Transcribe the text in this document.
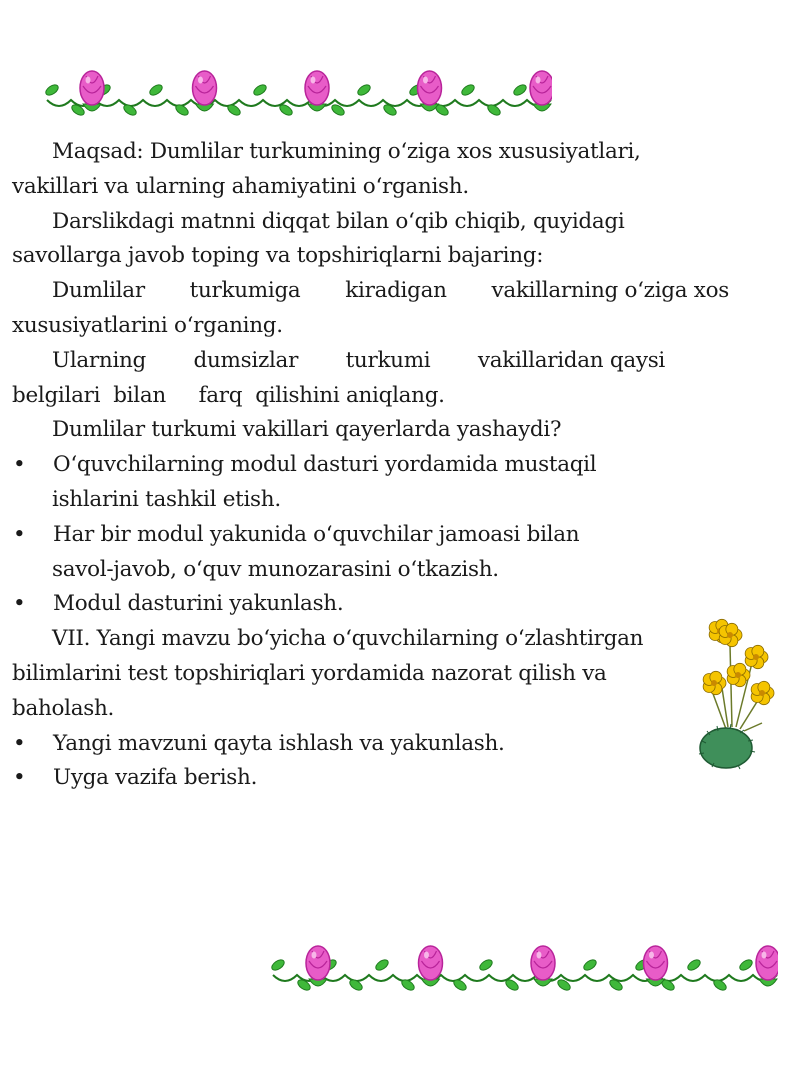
Maqsad: Dumlilar turkumining o‘ziga xos xususiyatlari,
vakillari va ularning ahamiyatini o‘rganish.
Darslikdagi matnni diqqat bilan o‘qib chiqib, quyidagi
savollarga javob toping va topshiriqlarni bajaring:
Dumlilar turkumiga kiradigan vakillarning o‘ziga xos
xususiyatlarini o‘rganing.
Ularning dumsizlar turkumi vakillaridan qaysi
belgilari  bilan     farq  qilishini aniqlang.
Dumlilar turkumi vakillari qayerlarda yashaydi?
•	O‘quvchilarning modul dasturi yordamida mustaqil
ishlarini tashkil etish.
•	Har bir modul yakunida o‘quvchilar jamoasi bilan
savol-javob, o‘quv munozarasini o‘tkazish.
•	Modul dasturini yakunlash.
VII. Yangi mavzu bo‘yicha o‘quvchilarning o‘zlashtirgan
bilimlarini test topshiriqlari yordamida nazorat qilish va
baholash.
•	Yangi mavzuni qayta ishlash va yakunlash.
•	Uyga vazifa berish.
